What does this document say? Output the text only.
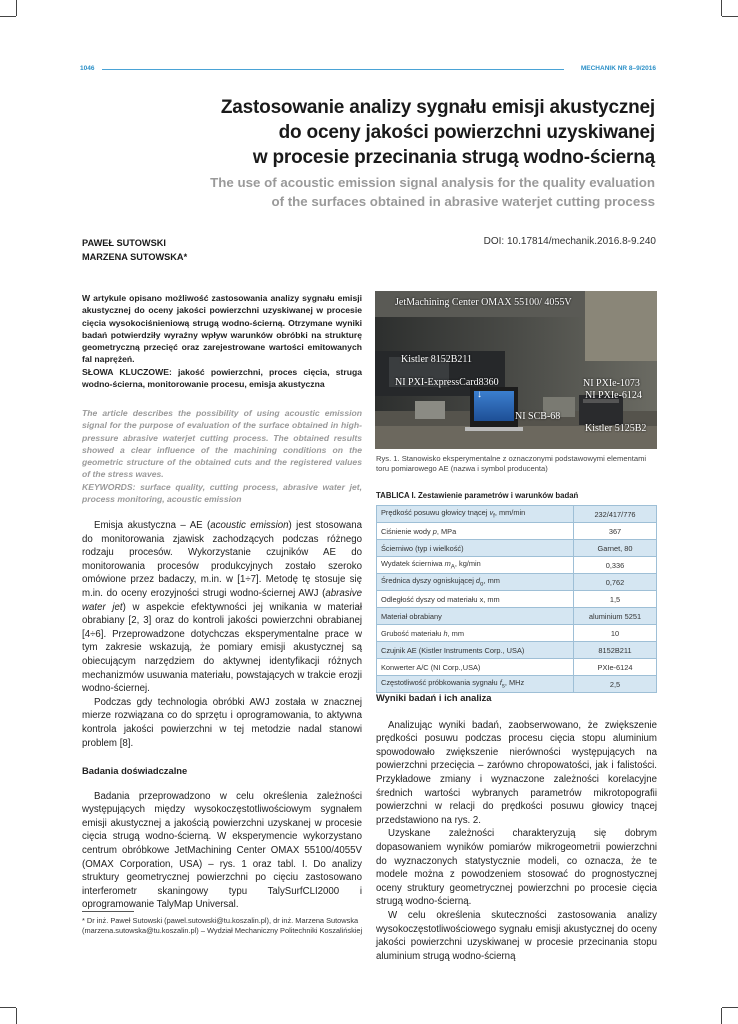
1046	MECHANIK NR 8–9/2016
Zastosowanie analizy sygnału emisji akustycznej
do oceny jakości powierzchni uzyskiwanej
w procesie przecinania strugą wodno-ścierną
The use of acoustic emission signal analysis for the quality evaluation
of the surfaces obtained in abrasive waterjet cutting process
PAWEŁ SUTOWSKI
MARZENA SUTOWSKA*
DOI: 10.17814/mechanik.2016.8-9.240
W artykule opisano możliwość zastosowania analizy sygnału emisji akustycznej do oceny jakości powierzchni uzyskiwanej w procesie cięcia wysokociśnieniową strugą wodno-ścierną. Otrzymane wyniki badań potwierdziły wyraźny wpływ warunków obróbki na strukturę geometryczną przecięć oraz zarejestrowane wartości emitowanych fal naprężeń.
SŁOWA KLUCZOWE: jakość powierzchni, proces cięcia, struga wodno-ścierna, monitorowanie procesu, emisja akustyczna
The article describes the possibility of using acoustic emission signal for the purpose of evaluation of the surface obtained in high-pressure abrasive waterjet cutting process. The obtained results showed a clear influence of the machining conditions on the geometric structure of the obtained cuts and the registered values of the stress waves.
KEYWORDS: surface quality, cutting process, abrasive water jet, process monitoring, acoustic emission

Emisja akustyczna – AE (acoustic emission) jest stosowana do monitorowania zjawisk zachodzących podczas różnego rodzaju procesów. Wykorzystanie czujników AE do monitorowania procesów produkcyjnych zostało szeroko omówione przez badaczy, m.in. w [1÷7]. Metodę tę stosuje się m.in. do oceny erozyjności strugi wodno-ściernej AWJ (abrasive water jet) w aspekcie efektywności jej wnikania w materiał obrabiany [2, 3] oraz do kontroli jakości powierzchni obrabianej [4÷6]. Przeprowadzone dotychczas eksperymentalne prace w tym zakresie wskazują, że pomiary emisji akustycznej są obiecującym narzędziem do aktywnej identyfikacji różnych mechanizmów usuwania materiału, powstających w trakcie erozji wodno-ściernej.

Podczas gdy technologia obróbki AWJ została w znacznej mierze rozwiązana co do sprzętu i oprogramowania, to aktywna kontrola jakości powierzchni w tej metodzie nadal stanowi problem [8].

Badania doświadczalne

Badania przeprowadzono w celu określenia zależności występujących między wysokoczęstotliwościowym sygnałem emisji akustycznej a jakością powierzchni uzyskanej w procesie cięcia strugą wodno-ścierną. W eksperymencie wykorzystano centrum obróbkowe JetMachining Center OMAX 55100/4055V (OMAX Corporation, USA) – rys. 1 oraz tabl. I. Do analizy struktury geometrycznej powierzchni po cięciu zastosowano interferometr skaningowy typu TalySurfCLI2000 i oprogramowanie TalyMap Universal.

* Dr inż. Paweł Sutowski (pawel.sutowski@tu.koszalin.pl), dr inż. Marzena Sutowska (marzena.sutowska@tu.koszalin.pl) – Wydział Mechaniczny Politechniki Koszalińskiej
JetMachining Center OMAX 55100/ 4055V
Kistler 8152B211
NI PXI-ExpressCard8360
↓
NI PXIe-1073
NI PXIe-6124
NI SCB-68
Kistler 5125B2
Rys. 1. Stanowisko eksperymentalne z oznaczonymi podstawowymi elementami toru pomiarowego AE (nazwa i symbol producenta)
TABLICA I. Zestawienie parametrów i warunków badań
Prędkość posuwu głowicy tnącej $v_f$, mm/min	232/417/776
Ciśnienie wody p, MPa	367
Ścierniwo (typ i wielkość)	Garnet, 80
Wydatek ścierniwa $m_A$, kg/min	0,336
Średnica dyszy ogniskującej $d_o$, mm	0,762
Odległość dyszy od materiału x, mm	1,5
Materiał obrabiany	aluminium 5251
Grubość materiału h, mm	10
Czujnik AE (Kistler Instruments Corp., USA)	8152B211
Konwerter A/C (NI Corp.,USA)	PXIe-6124
Częstotliwość próbkowania sygnału $f_s$, MHz	2,5
Wyniki badań i ich analiza

Analizując wyniki badań, zaobserwowano, że zwiększenie prędkości posuwu podczas procesu cięcia stopu aluminium spowodowało zwiększenie nierówności występujących na powierzchni przecięcia – zarówno chropowatości, jak i falistości. Przykładowe zmiany i wyznaczone zależności korelacyjne średnich wartości wybranych parametrów mikrotopografii powierzchni w relacji do prędkości posuwu głowicy tnącej przedstawiono na rys. 2.

Uzyskane zależności charakteryzują się dobrym dopasowaniem wyników pomiarów mikrogeometrii powierzchni do wyznaczonych statystycznie modeli, co oznacza, że te modele można z powodzeniem stosować do prognostycznej oceny struktury geometrycznej powierzchni po procesie cięcia strugą wodno-ścierną.

W celu określenia skuteczności zastosowania analizy wysokoczęstotliwościowego sygnału emisji akustycznej do oceny jakości powierzchni uzyskiwanej w procesie przecinania stopu aluminium strugą wodno-ścierną
